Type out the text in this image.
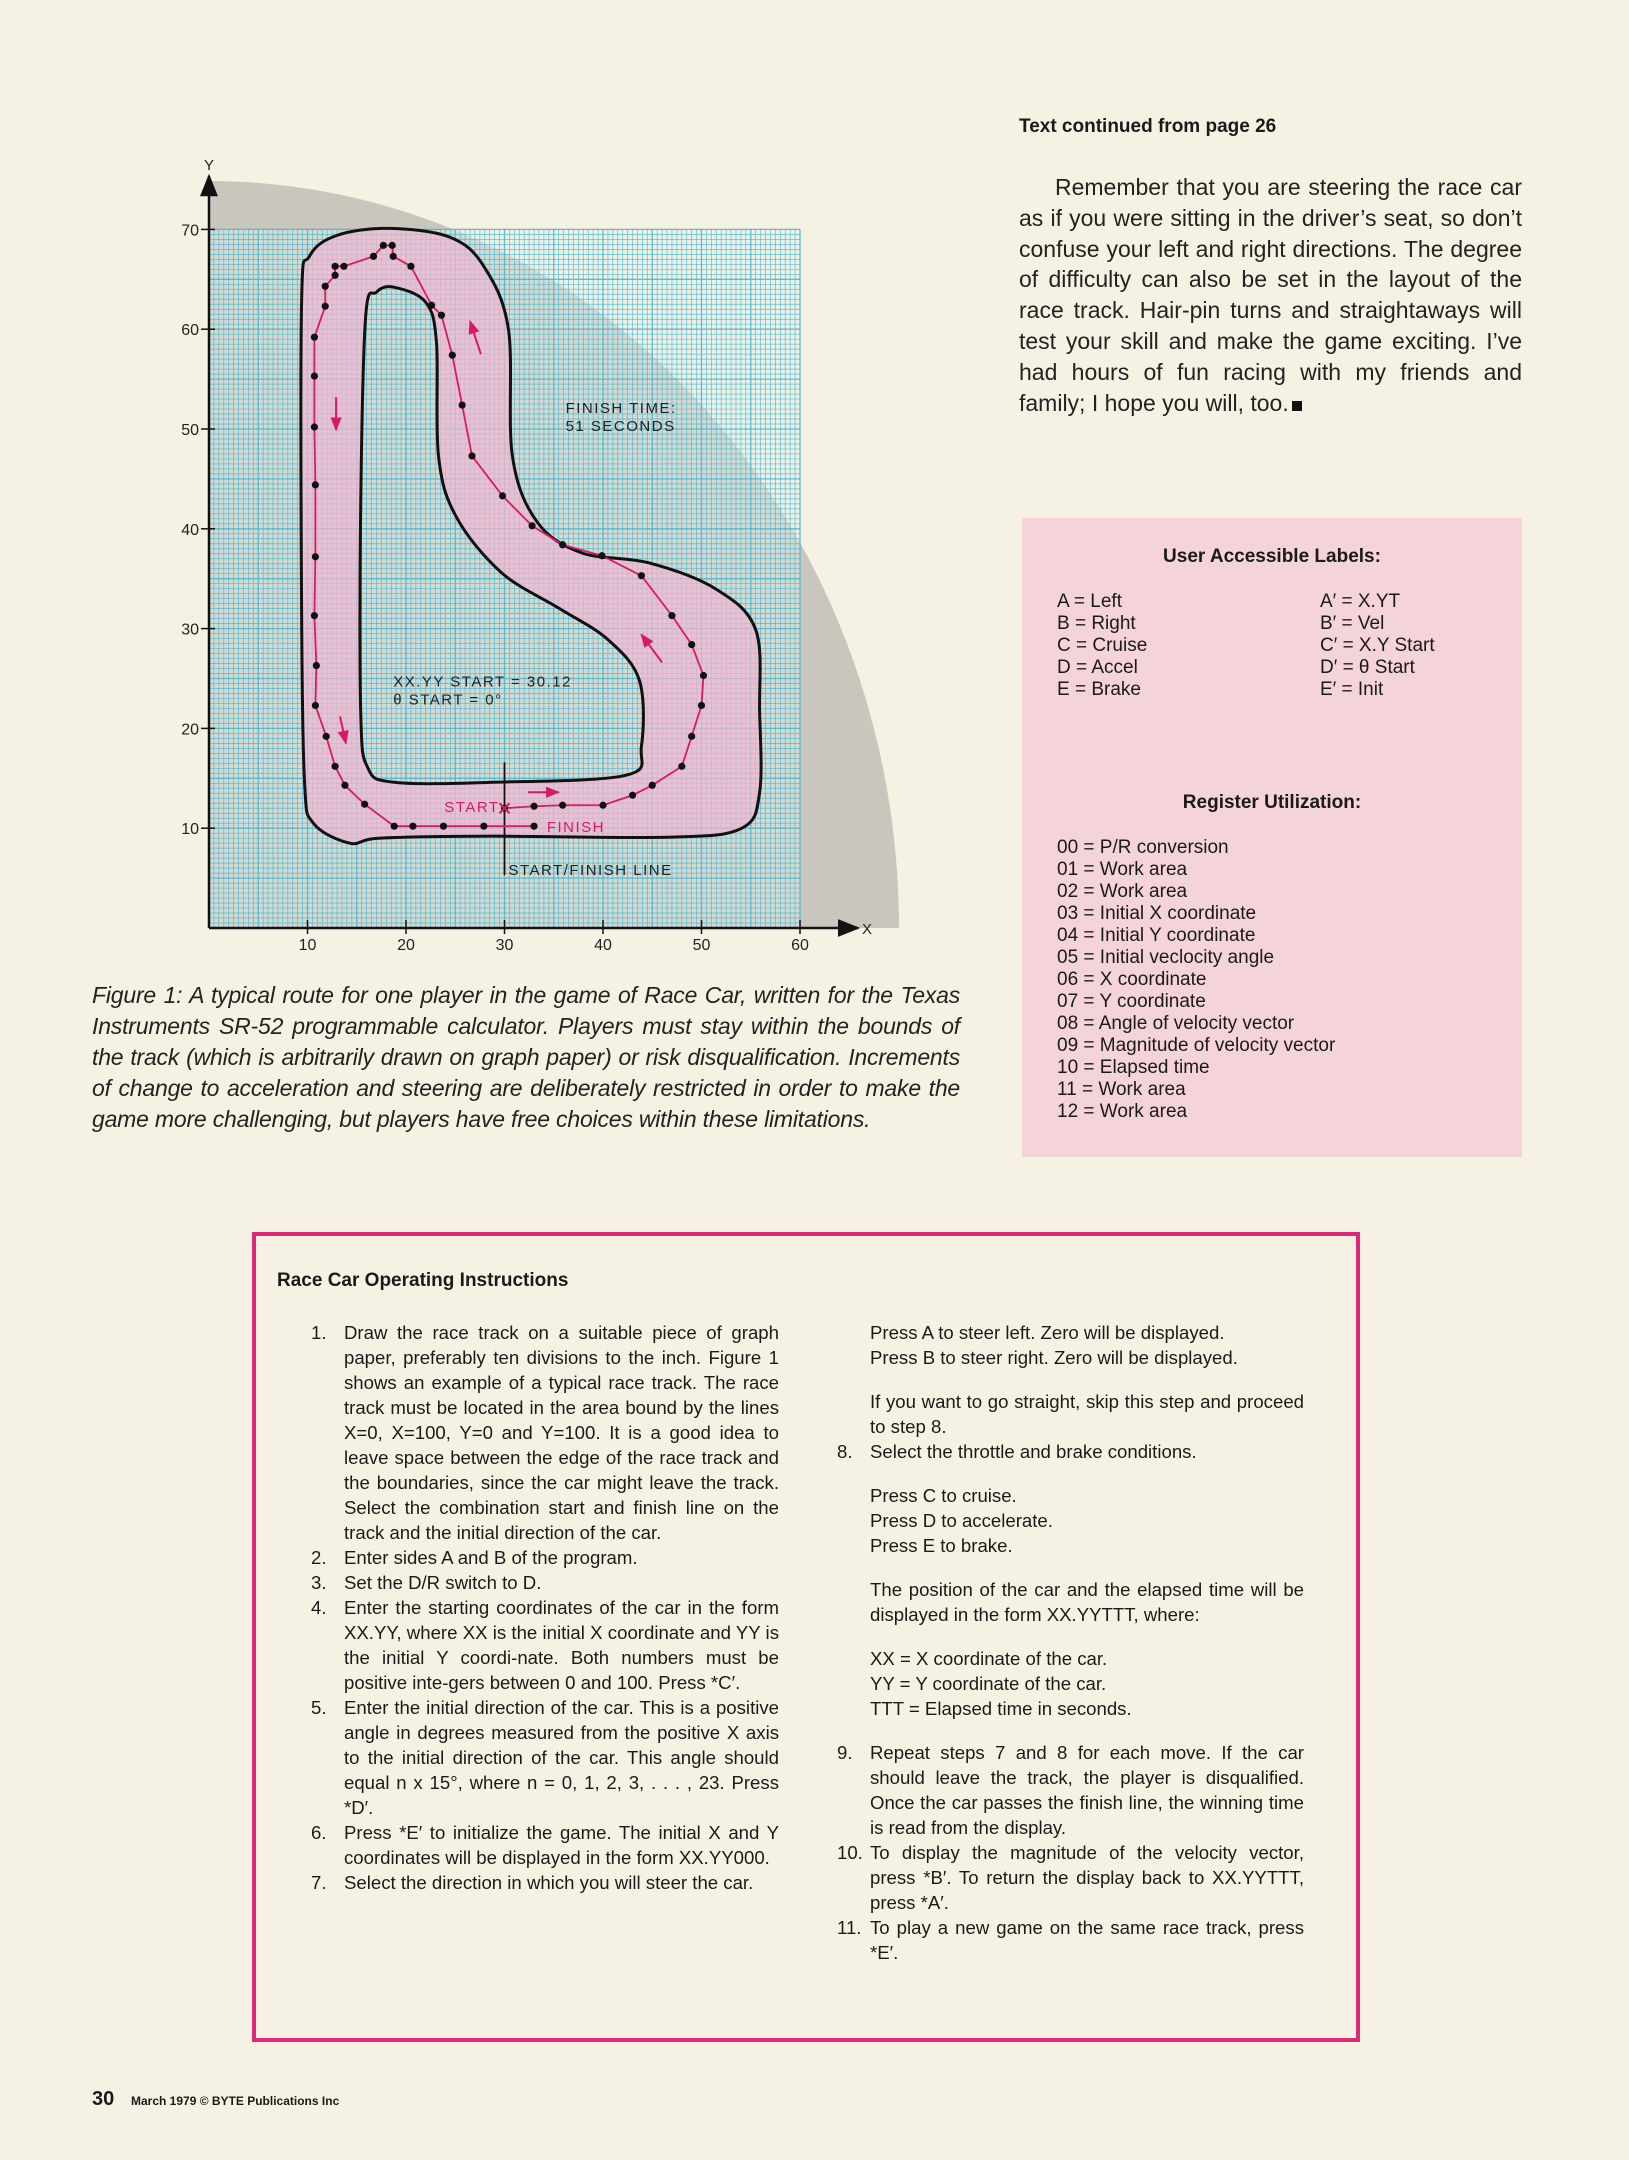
10
20
30
40
50
60
70
10	20	30	40	50	60
FINISH TIME:
51 SECONDS
XX.YY START = 30.12
θ START = 0°
START
FINISH
START/FINISH LINE
X
Y
Text continued from page 26
Remember that you are steering the race car as if you were sitting in the driver’s seat, so don’t confuse your left and right directions. The degree of difficulty can also be set in the layout of the race track. Hair-pin turns and straightaways will test your skill and make the game exciting. I’ve had hours of fun racing with my friends and family; I hope you will, too.
User Accessible Labels:
A = Left
B = Right
C = Cruise
D = Accel
E = Brake
A′ = X.YT
B′ = Vel
C′ = X.Y Start
D′ = θ Start
E′ = Init
Register Utilization:
00 = P/R conversion
01 = Work area
02 = Work area
03 = Initial X coordinate
04 = Initial Y coordinate
05 = Initial veclocity angle
06 = X coordinate
07 = Y coordinate
08 = Angle of velocity vector
09 = Magnitude of velocity vector
10 = Elapsed time
11 = Work area
12 = Work area
Figure 1: A typical route for one player in the game of Race Car, written for the Texas Instruments SR-52 programmable calculator. Players must stay within the bounds of the track (which is arbitrarily drawn on graph paper) or risk disqualification. Increments of change to acceleration and steering are deliberately restricted in order to make the game more challenging, but players have free choices within these limitations.
Race Car Operating Instructions
1. Draw the race track on a suitable piece of graph paper, preferably ten divisions to the inch. Figure 1 shows an example of a typical race track. The race track must be located in the area bound by the lines X=0, X=100, Y=0 and Y=100. It is a good idea to leave space between the edge of the race track and the boundaries, since the car might leave the track. Select the combination start and finish line on the track and the initial direction of the car.
2. Enter sides A and B of the program.
3. Set the D/R switch to D.
4. Enter the starting coordinates of the car in the form XX.YY, where XX is the initial X coordinate and YY is the initial Y coordi-nate. Both numbers must be positive inte-gers between 0 and 100. Press *C′.
5. Enter the initial direction of the car. This is a positive angle in degrees measured from the positive X axis to the initial direction of the car. This angle should equal n x 15°, where n = 0, 1, 2, 3, . . . , 23. Press *D′.
6. Press *E′ to initialize the game. The initial X and Y coordinates will be displayed in the form XX.YY000.
7. Select the direction in which you will steer the car.
Press A to steer left. Zero will be displayed.
Press B to steer right. Zero will be displayed.
If you want to go straight, skip this step and proceed to step 8.
8. Select the throttle and brake conditions.
Press C to cruise.
Press D to accelerate.
Press E to brake.
The position of the car and the elapsed time will be displayed in the form XX.YYTTT, where:
XX = X coordinate of the car.
YY = Y coordinate of the car.
TTT = Elapsed time in seconds.
9. Repeat steps 7 and 8 for each move. If the car should leave the track, the player is disqualified. Once the car passes the finish line, the winning time is read from the display.
10. To display the magnitude of the velocity vector, press *B′. To return the display back to XX.YYTTT, press *A′.
11. To play a new game on the same race track, press *E′.
30 March 1979 © BYTE Publications Inc
